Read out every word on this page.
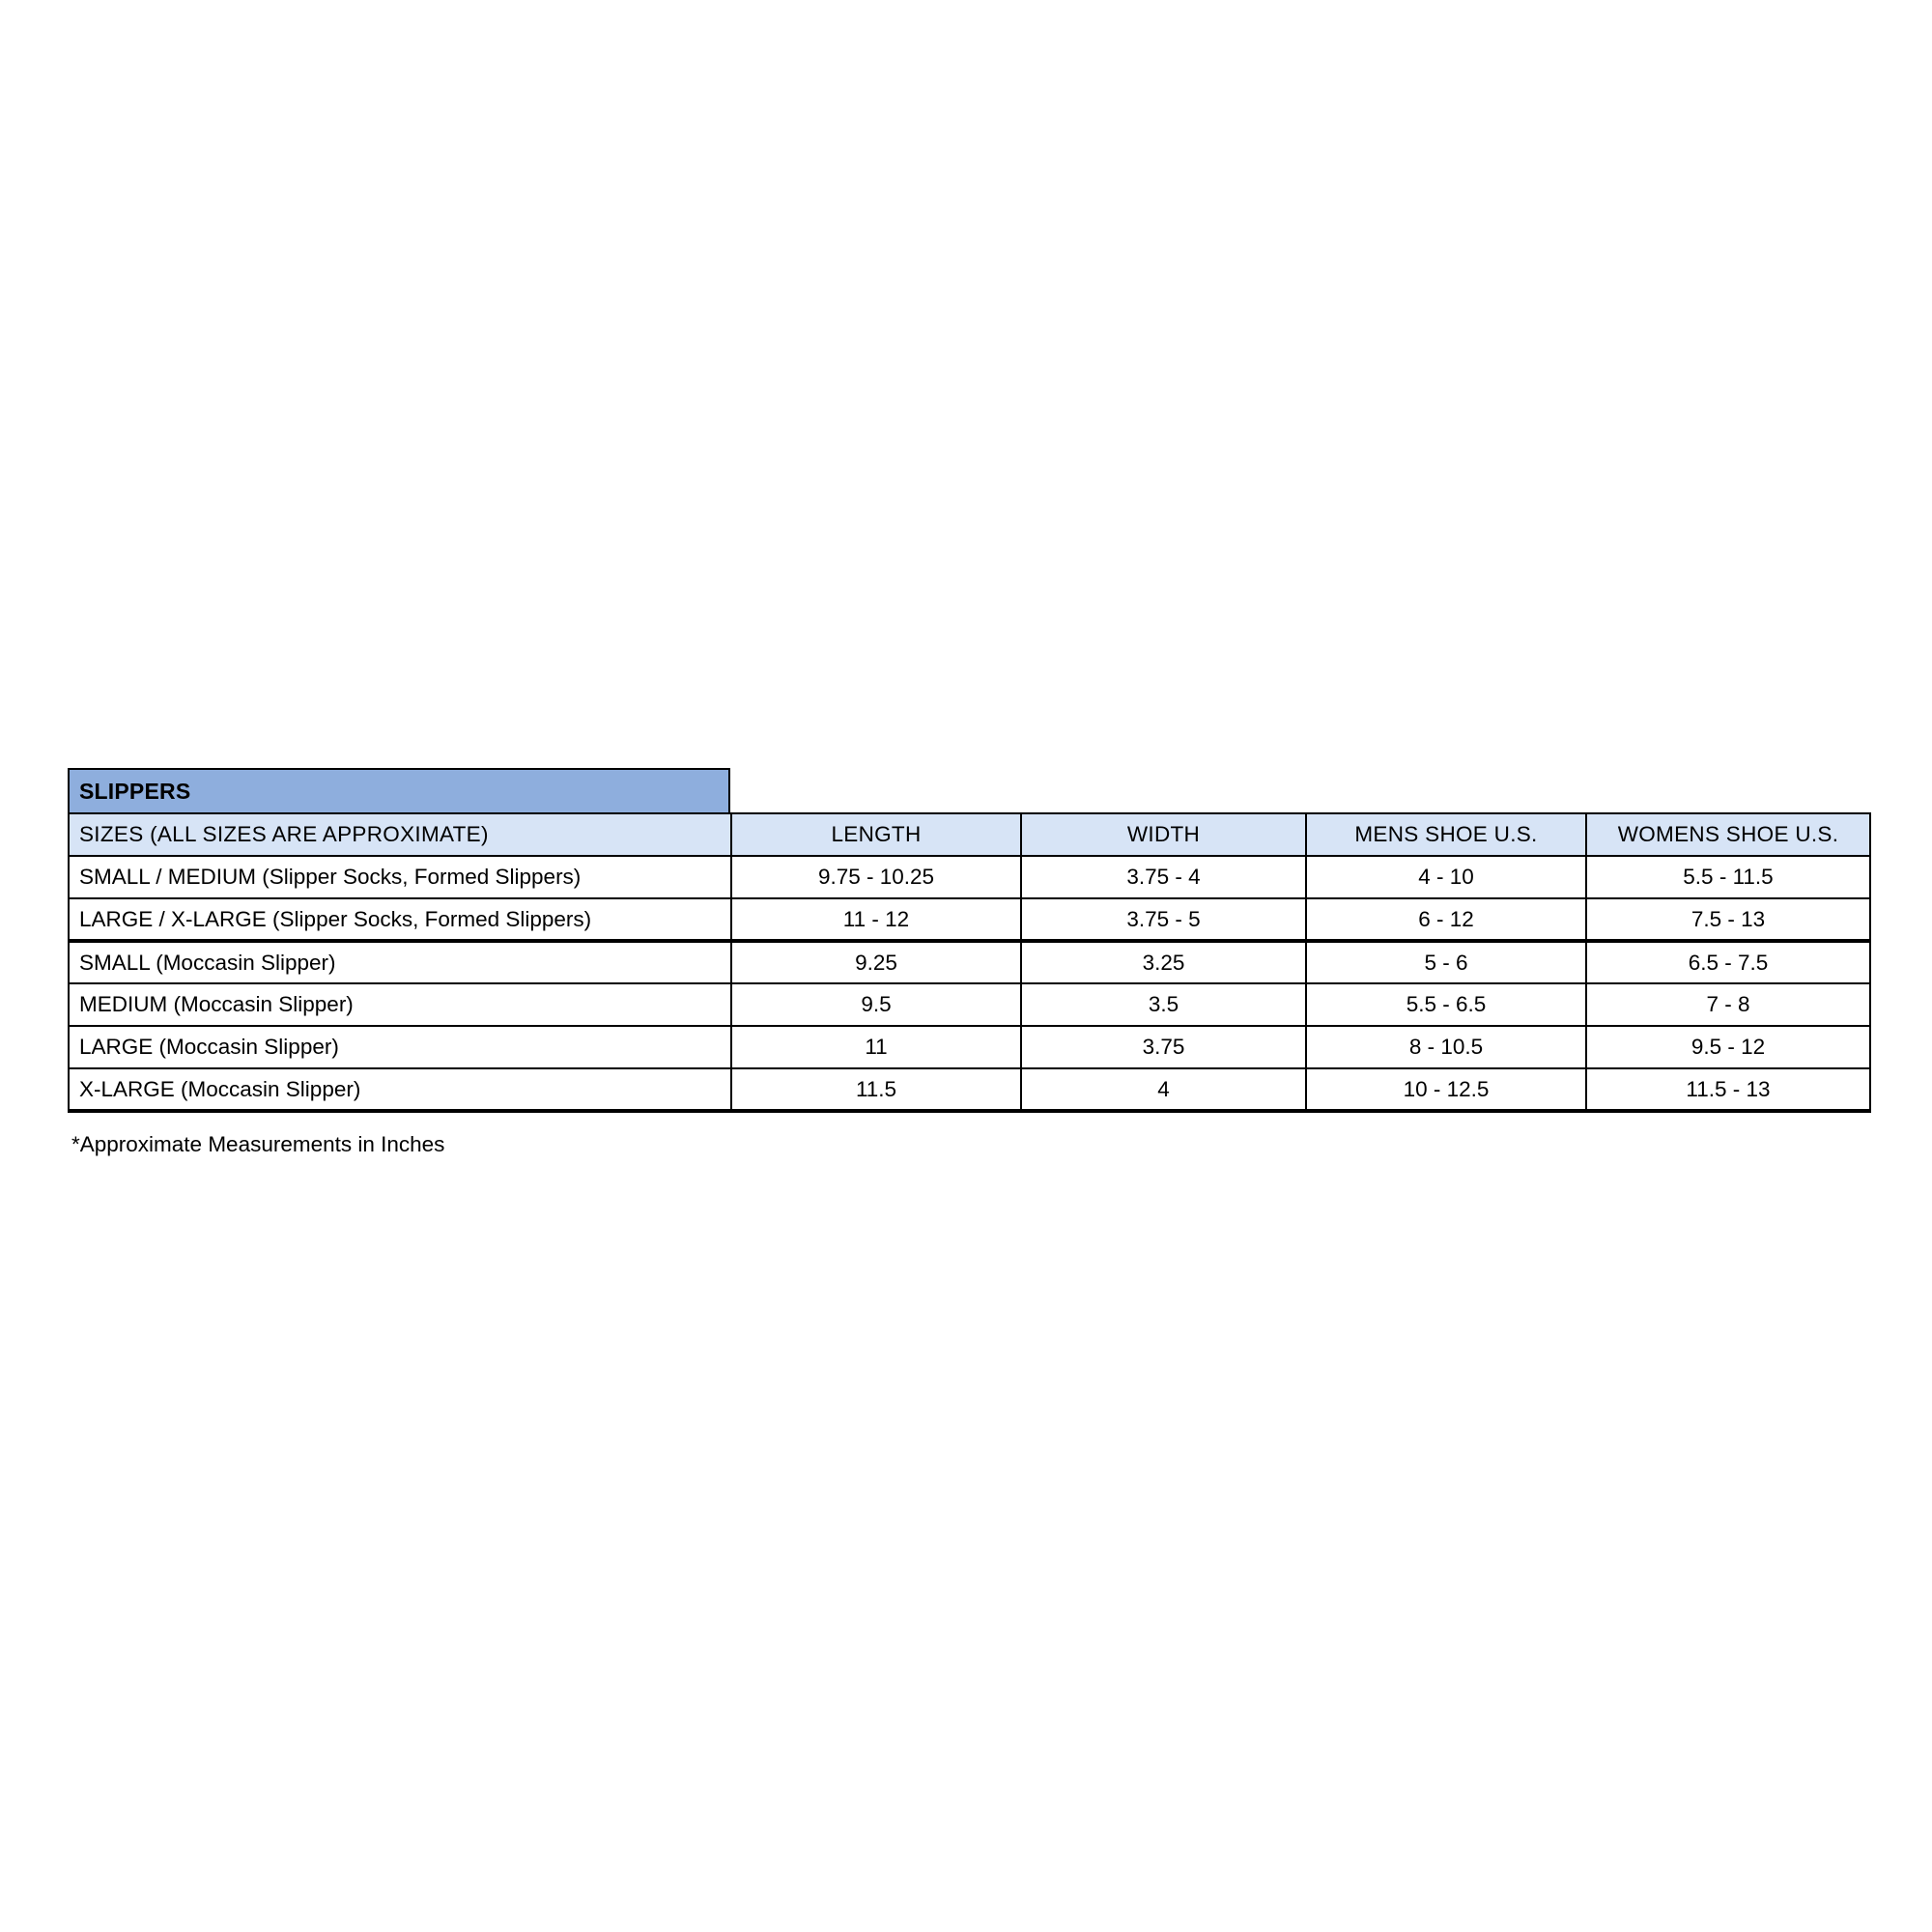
SLIPPERS
SIZES (ALL SIZES ARE APPROXIMATE)	LENGTH	WIDTH	MENS SHOE U.S.	WOMENS SHOE U.S.
SMALL / MEDIUM (Slipper Socks, Formed Slippers)	9.75 - 10.25	3.75 - 4	4 - 10	5.5 - 11.5
LARGE / X-LARGE (Slipper Socks, Formed Slippers)	11 - 12	3.75 - 5	6 - 12	7.5 - 13
SMALL (Moccasin Slipper)	9.25	3.25	5 - 6	6.5 - 7.5
MEDIUM (Moccasin Slipper)	9.5	3.5	5.5 - 6.5	7 - 8
LARGE (Moccasin Slipper)	11	3.75	8 - 10.5	9.5 - 12
X-LARGE (Moccasin Slipper)	11.5	4	10 - 12.5	11.5 - 13
*Approximate Measurements in Inches
